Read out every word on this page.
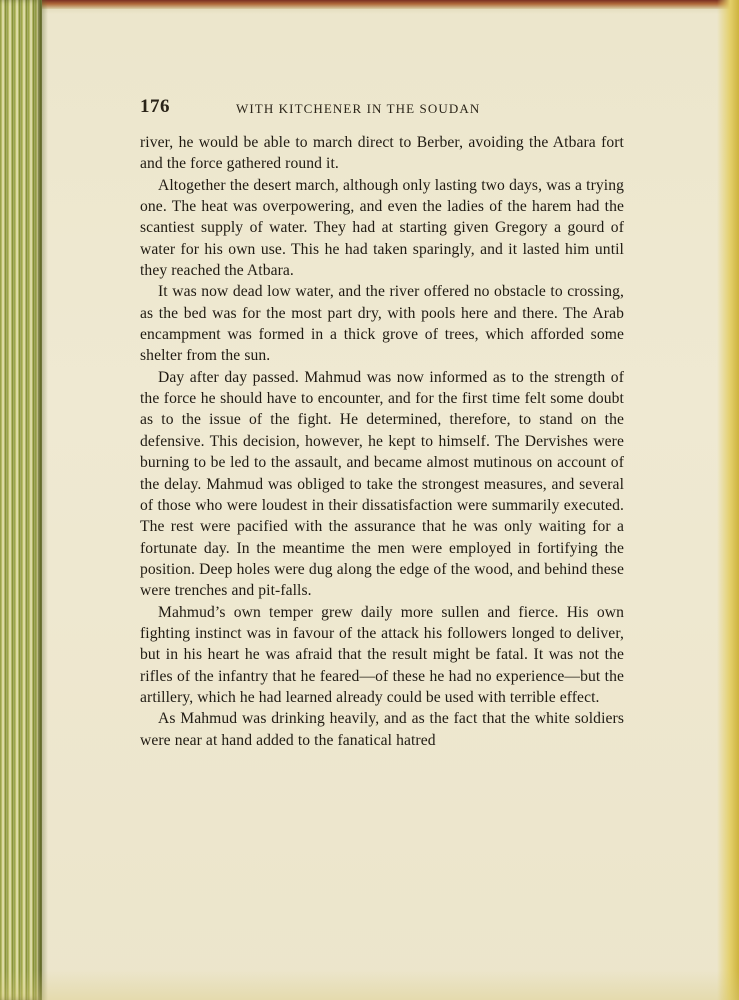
176	WITH KITCHENER IN THE SOUDAN

river, he would be able to march direct to Berber, avoiding the Atbara fort and the force gathered round it.

Altogether the desert march, although only lasting two days, was a trying one. The heat was overpowering, and even the ladies of the harem had the scantiest supply of water. They had at starting given Gregory a gourd of water for his own use. This he had taken sparingly, and it lasted him until they reached the Atbara.

It was now dead low water, and the river offered no obstacle to crossing, as the bed was for the most part dry, with pools here and there. The Arab encampment was formed in a thick grove of trees, which afforded some shelter from the sun.

Day after day passed. Mahmud was now informed as to the strength of the force he should have to encounter, and for the first time felt some doubt as to the issue of the fight. He determined, therefore, to stand on the defensive. This decision, however, he kept to himself. The Dervishes were burning to be led to the assault, and became almost mutinous on account of the delay. Mahmud was obliged to take the strongest measures, and several of those who were loudest in their dissatisfaction were summarily executed. The rest were pacified with the assurance that he was only waiting for a fortunate day. In the meantime the men were employed in fortifying the position. Deep holes were dug along the edge of the wood, and behind these were trenches and pit-falls.

Mahmud’s own temper grew daily more sullen and fierce. His own fighting instinct was in favour of the attack his followers longed to deliver, but in his heart he was afraid that the result might be fatal. It was not the rifles of the infantry that he feared—of these he had no experience—but the artillery, which he had learned already could be used with terrible effect.

As Mahmud was drinking heavily, and as the fact that the white soldiers were near at hand added to the fanatical hatred
